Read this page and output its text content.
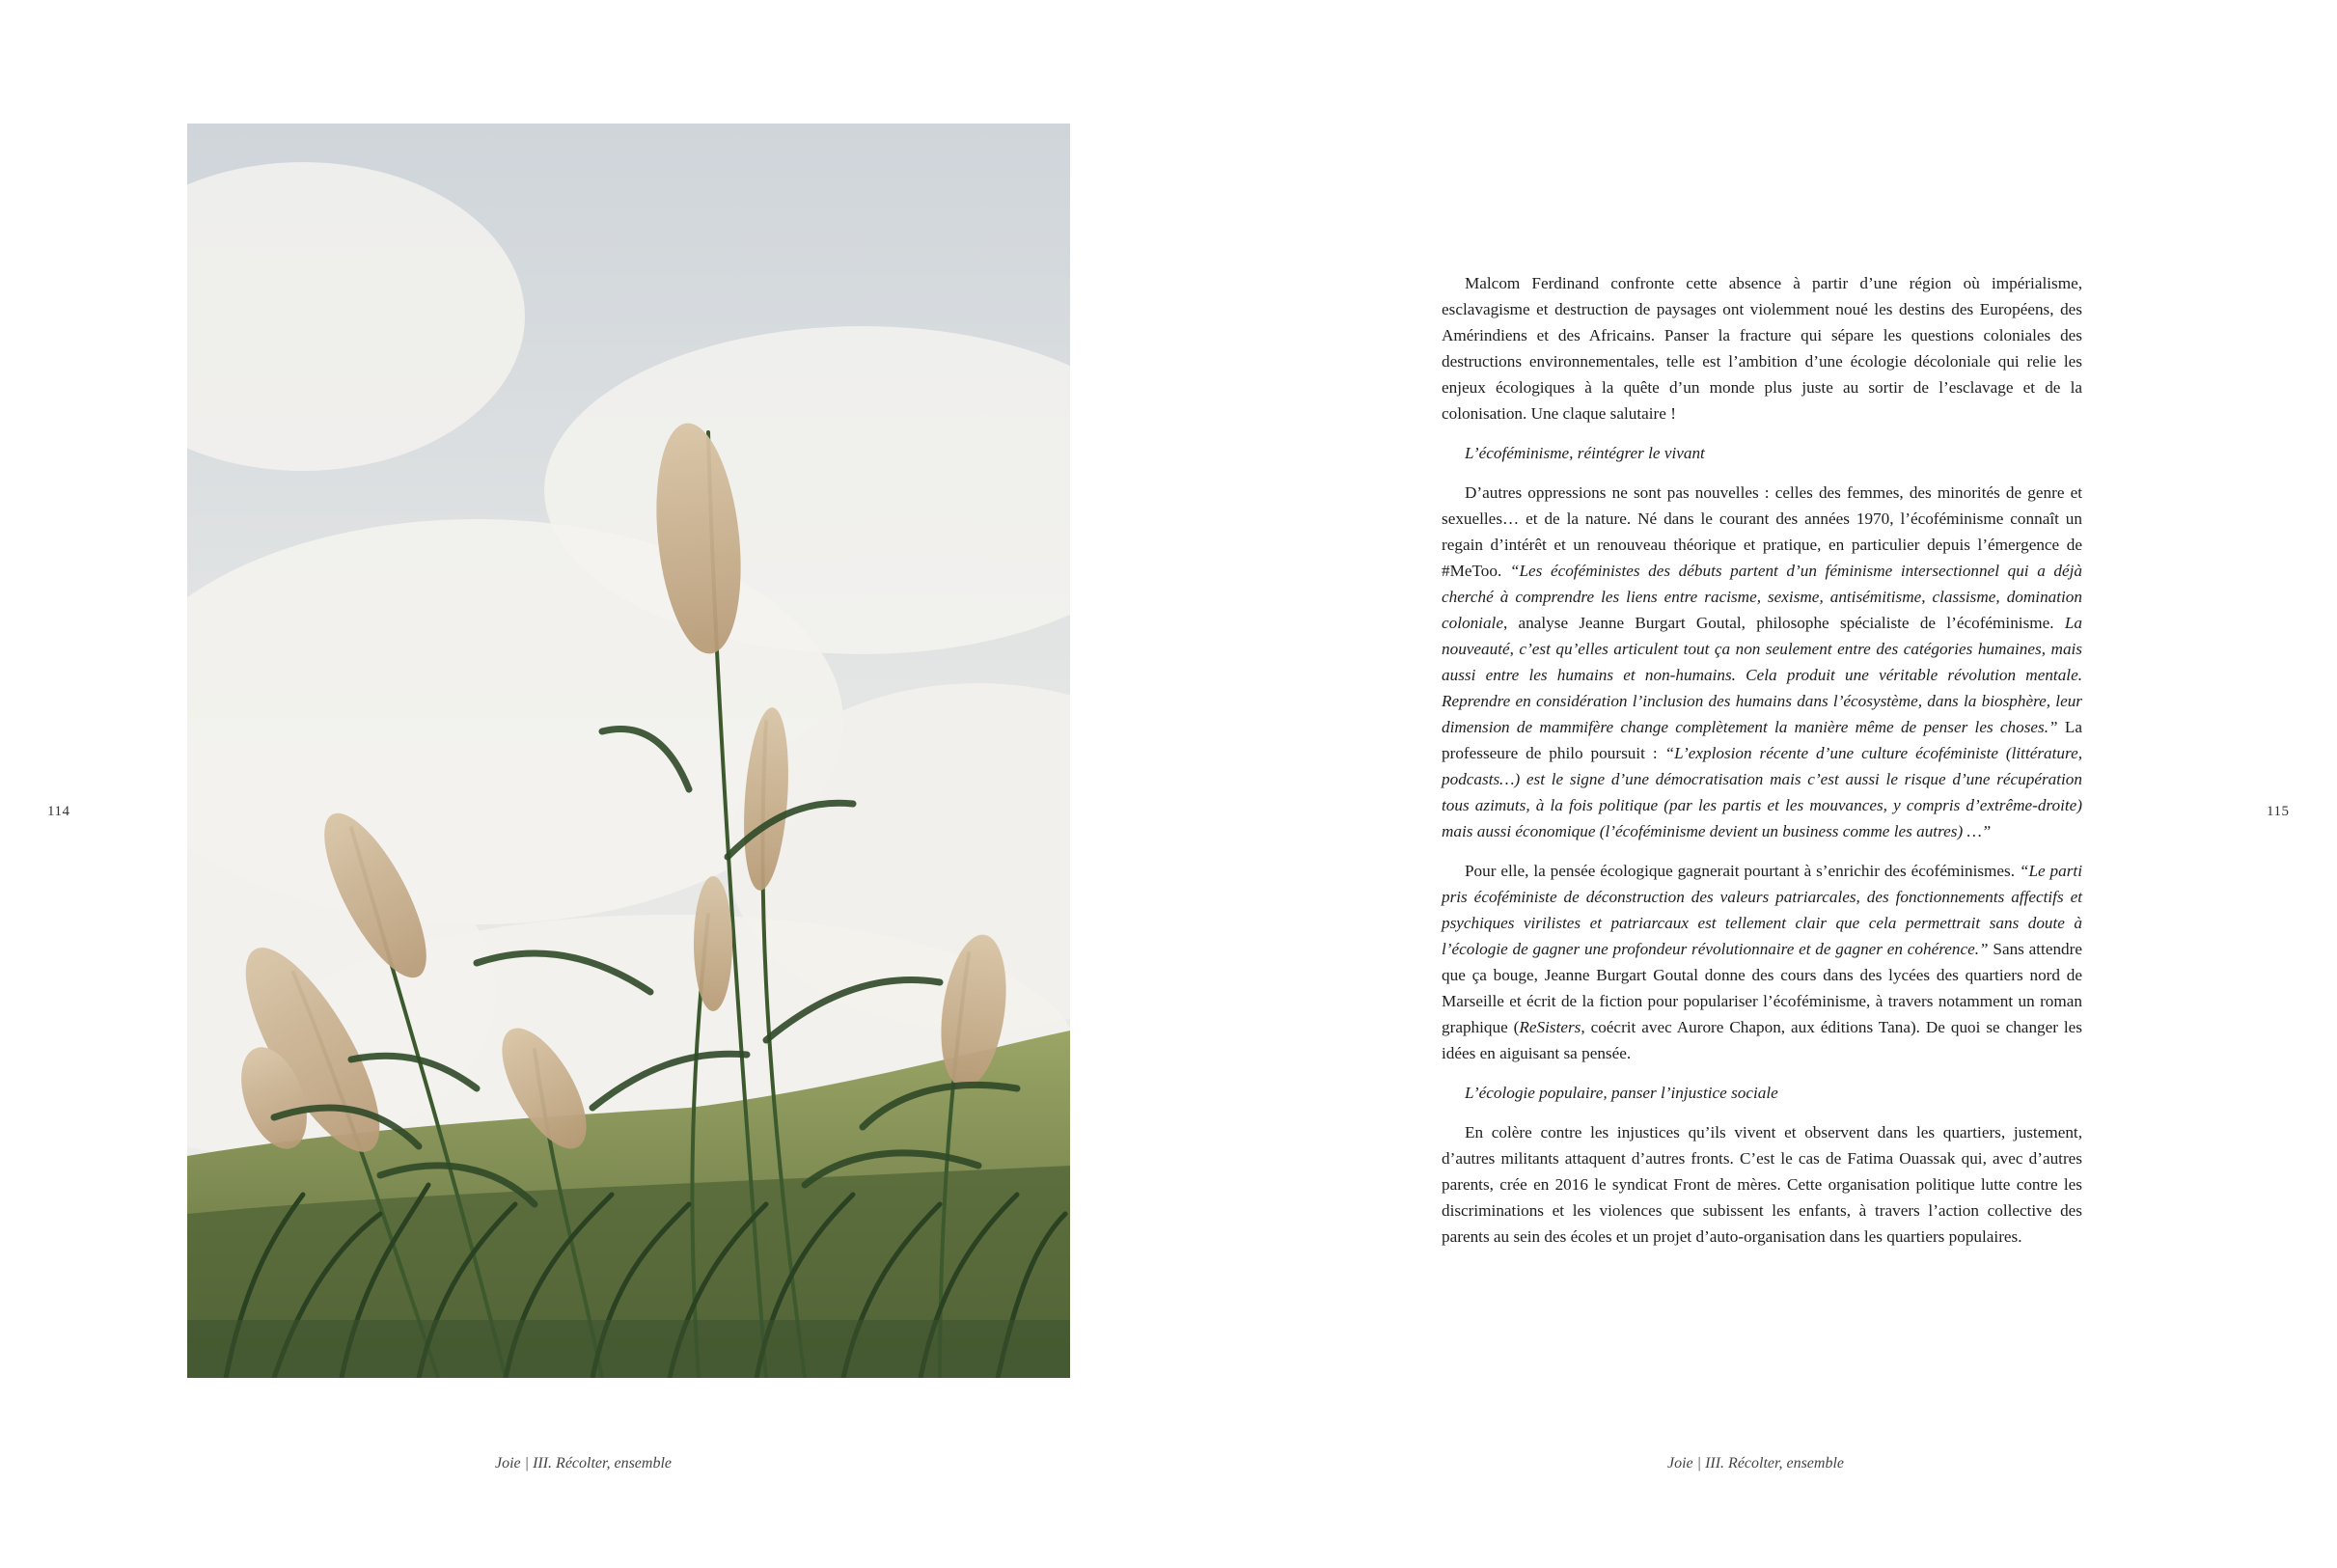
114
Joie | III. Récolter, ensemble

Malcom Ferdinand confronte cette absence à partir d’une région où impérialisme, esclavagisme et destruction de paysages ont violemment noué les destins des Européens, des Amérindiens et des Africains. Panser la fracture qui sépare les questions coloniales des destructions environnementales, telle est l’ambition d’une écologie décoloniale qui relie les enjeux écologiques à la quête d’un monde plus juste au sortir de l’esclavage et de la colonisation. Une claque salutaire !

L’écoféminisme, réintégrer le vivant

D’autres oppressions ne sont pas nouvelles : celles des femmes, des minorités de genre et sexuelles… et de la nature. Né dans le courant des années 1970, l’écoféminisme connaît un regain d’intérêt et un renouveau théorique et pratique, en particulier depuis l’émergence de #MeToo. “Les écoféministes des débuts partent d’un féminisme intersectionnel qui a déjà cherché à comprendre les liens entre racisme, sexisme, antisémitisme, classisme, domination coloniale, analyse Jeanne Burgart Goutal, philosophe spécialiste de l’écoféminisme. La nouveauté, c’est qu’elles articulent tout ça non seulement entre des catégories humaines, mais aussi entre les humains et non-humains. Cela produit une véritable révolution mentale. Reprendre en considération l’inclusion des humains dans l’écosystème, dans la biosphère, leur dimension de mammifère change complètement la manière même de penser les choses.” La professeure de philo poursuit : “L’explosion récente d’une culture écoféministe (littérature, podcasts…) est le signe d’une démocratisation mais c’est aussi le risque d’une récupération tous azimuts, à la fois politique (par les partis et les mouvances, y compris d’extrême-droite) mais aussi économique (l’écoféminisme devient un business comme les autres) …”

Pour elle, la pensée écologique gagnerait pourtant à s’enrichir des écoféminismes. “Le parti pris écoféministe de déconstruction des valeurs patriarcales, des fonctionnements affectifs et psychiques virilistes et patriarcaux est tellement clair que cela permettrait sans doute à l’écologie de gagner une profondeur révolutionnaire et de gagner en cohérence.” Sans attendre que ça bouge, Jeanne Burgart Goutal donne des cours dans des lycées des quartiers nord de Marseille et écrit de la fiction pour populariser l’écoféminisme, à travers notamment un roman graphique (ReSisters, coécrit avec Aurore Chapon, aux éditions Tana). De quoi se changer les idées en aiguisant sa pensée.

L’écologie populaire, panser l’injustice sociale

En colère contre les injustices qu’ils vivent et observent dans les quartiers, justement, d’autres militants attaquent d’autres fronts. C’est le cas de Fatima Ouassak qui, avec d’autres parents, crée en 2016 le syndicat Front de mères. Cette organisation politique lutte contre les discriminations et les violences que subissent les enfants, à travers l’action collective des parents au sein des écoles et un projet d’auto-organisation dans les quartiers populaires.

115
Joie | III. Récolter, ensemble
